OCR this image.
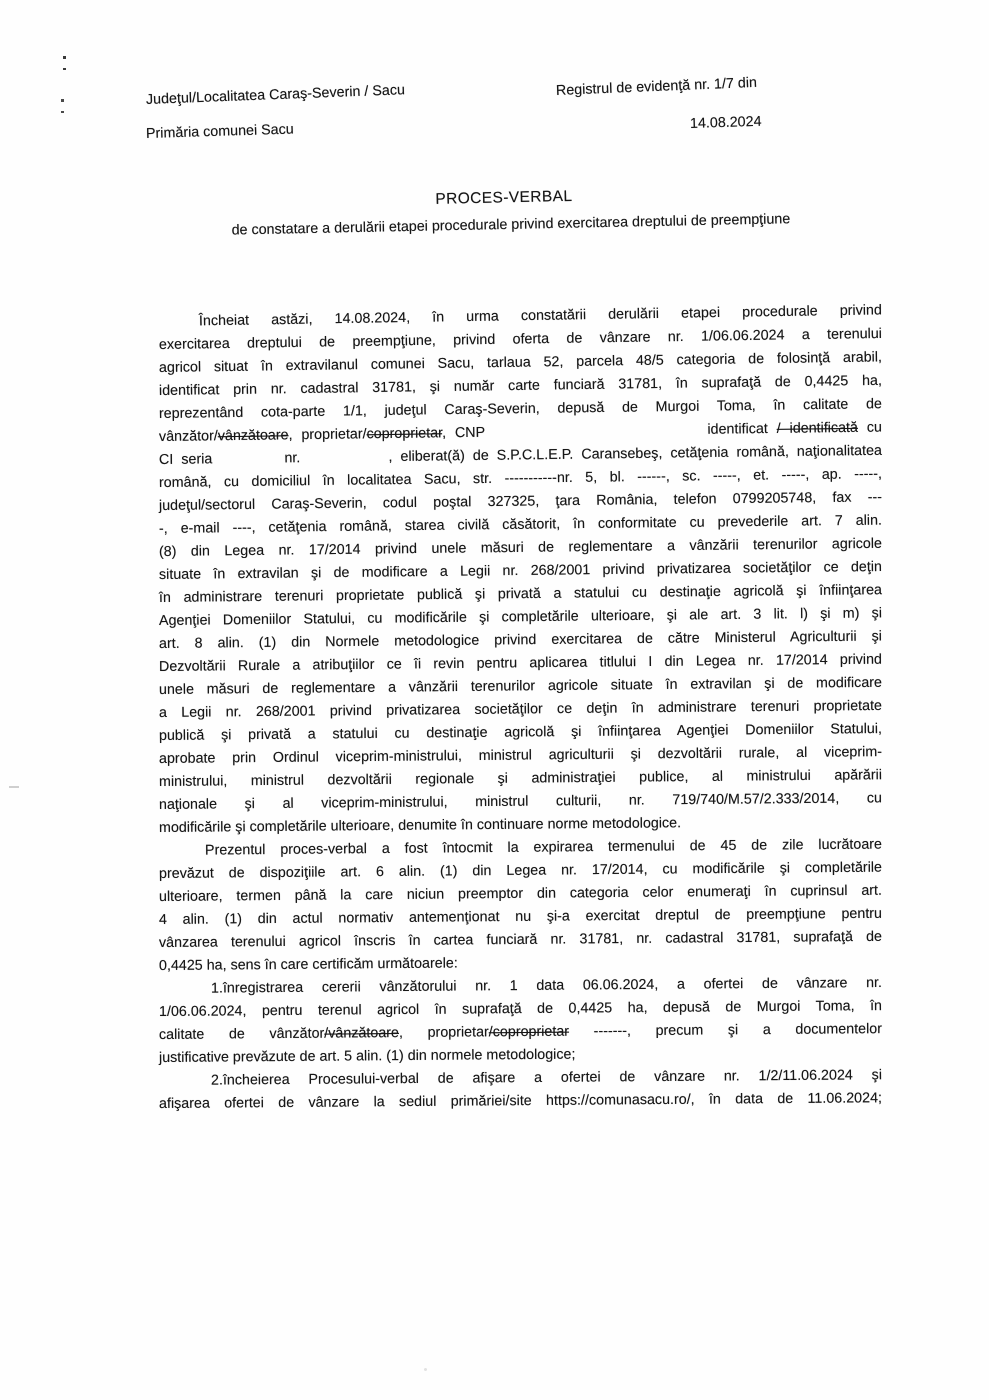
Judeţul/Localitatea Caraş-Severin / Sacu
Primăria comunei Sacu
Registrul de evidenţă nr. 1/7 din
14.08.2024
PROCES-VERBAL
de constatare a derulării etapei procedurale privind exercitarea dreptului de preempţiune
Încheiat astăzi, 14.08.2024, în urma constatării derulării etapei procedurale privind
exercitarea dreptului de preempţiune, privind oferta de vânzare nr. 1/06.06.2024 a terenului
agricol situat în extravilanul comunei Sacu, tarlaua 52, parcela 48/5 categoria de folosinţă arabil,
identificat prin nr. cadastral 31781, şi număr carte funciară 31781, în suprafaţă de 0,4425 ha,
reprezentând cota-parte 1/1, judeţul Caraş-Severin, depusă de Murgoi Toma, în calitate de
vânzător/vânzătoare, proprietar/coproprietar, CNP                         identificat / identificată cu
CI seria         nr.           , eliberat(ă) de S.P.C.L.E.P. Caransebeş, cetăţenia română, naţionalitatea
română, cu domiciliul în localitatea Sacu, str. -----------nr. 5, bl. ------, sc. -----, et. -----, ap. -----,
judeţul/sectorul Caraş-Severin, codul poştal 327325, ţara România, telefon 0799205748, fax ---
-, e-mail ----, cetăţenia română, starea civilă căsătorit, în conformitate cu prevederile art. 7 alin.
(8) din Legea nr. 17/2014 privind unele măsuri de reglementare a vânzării terenurilor agricole
situate în extravilan şi de modificare a Legii nr. 268/2001 privind privatizarea societăţilor ce deţin
în administrare terenuri proprietate publică şi privată a statului cu destinaţie agricolă şi înfiinţarea
Agenţiei Domeniilor Statului, cu modificările şi completările ulterioare, şi ale art. 3 lit. l) şi m) şi
art. 8 alin. (1) din Normele metodologice privind exercitarea de către Ministerul Agriculturii şi
Dezvoltării Rurale a atribuţiilor ce îi revin pentru aplicarea titlului I din Legea nr. 17/2014 privind
unele măsuri de reglementare a vânzării terenurilor agricole situate în extravilan şi de modificare
a Legii nr. 268/2001 privind privatizarea societăţilor ce deţin în administrare terenuri proprietate
publică şi privată a statului cu destinaţie agricolă şi înfiinţarea Agenţiei Domeniilor Statului,
aprobate prin Ordinul viceprim-ministrului, ministrul agriculturii şi dezvoltării rurale, al viceprim-
ministrului, ministrul dezvoltării regionale şi administraţiei publice, al ministrului apărării
naţionale şi al viceprim-ministrului, ministrul culturii, nr. 719/740/M.57/2.333/2014, cu
modificările şi completările ulterioare, denumite în continuare norme metodologice.
Prezentul proces-verbal a fost întocmit la expirarea termenului de 45 de zile lucrătoare
prevăzut de dispoziţiile art. 6 alin. (1) din Legea nr. 17/2014, cu modificările şi completările
ulterioare, termen până la care niciun preemptor din categoria celor enumeraţi în cuprinsul art.
4 alin. (1) din actul normativ antemenţionat nu şi-a exercitat dreptul de preempţiune pentru
vânzarea terenului agricol înscris în cartea funciară nr. 31781, nr. cadastral 31781, suprafaţă de
0,4425 ha, sens în care certificăm următoarele:
1.înregistrarea cererii vânzătorului nr. 1 data 06.06.2024, a ofertei de vânzare nr.
1/06.06.2024, pentru terenul agricol în suprafaţă de 0,4425 ha, depusă de Murgoi Toma, în
calitate de vânzător/vânzătoare, proprietar/coproprietar -------, precum şi a documentelor
justificative prevăzute de art. 5 alin. (1) din normele metodologice;
2.încheierea Procesului-verbal de afişare a ofertei de vânzare nr. 1/2/11.06.2024 şi
afişarea ofertei de vânzare la sediul primăriei/site https://comunasacu.ro/, în data de 11.06.2024;
